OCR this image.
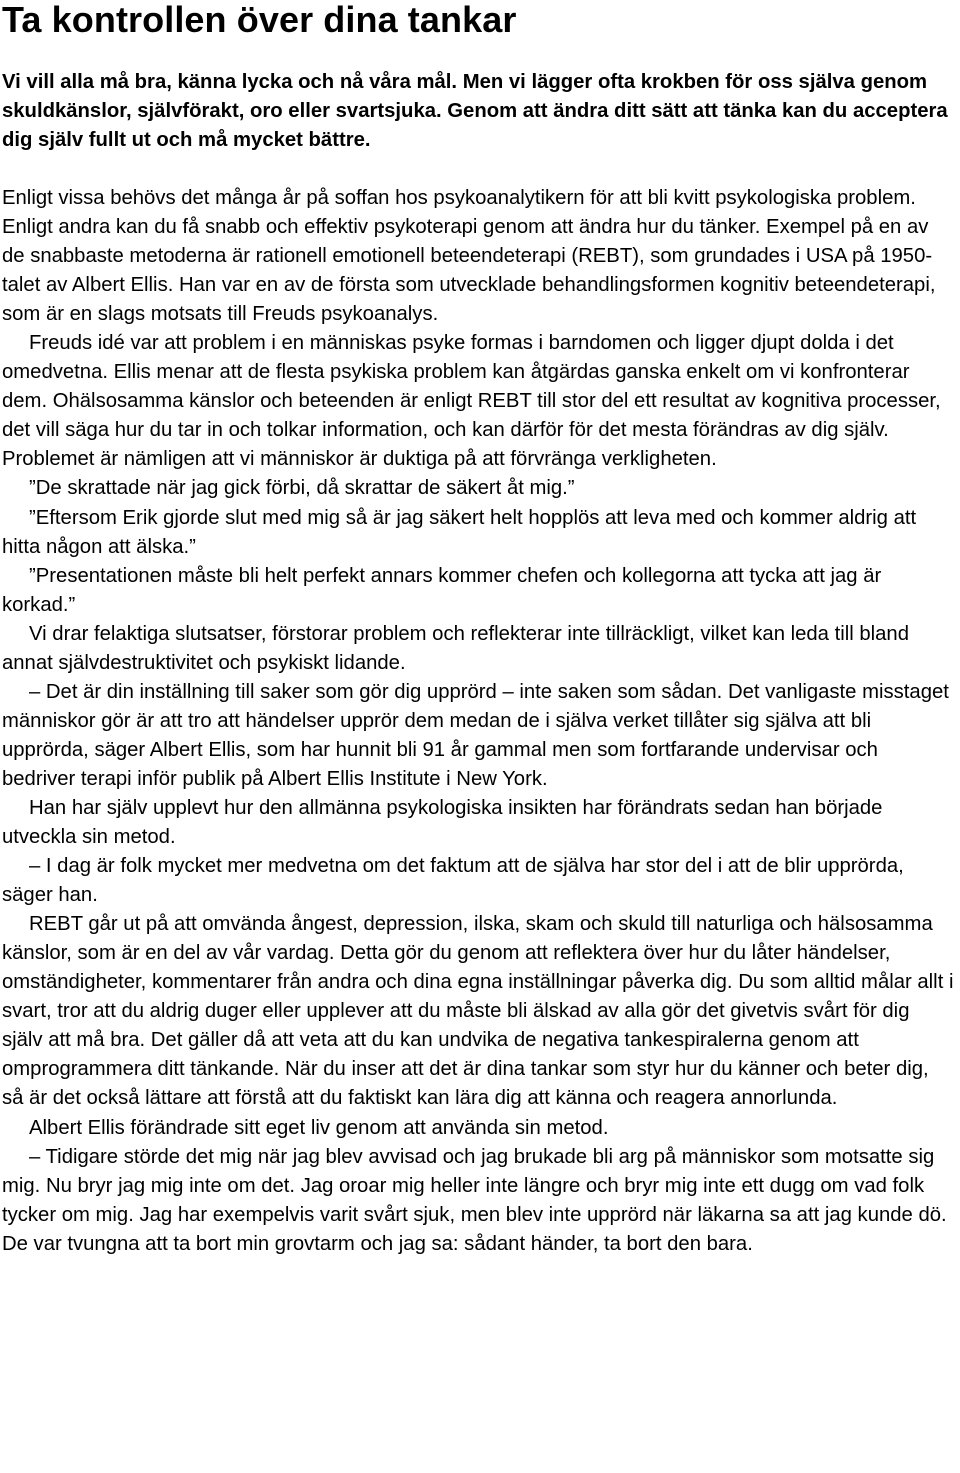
Ta kontrollen över dina tankar

Vi vill alla må bra, känna lycka och nå våra mål. Men vi lägger ofta krokben för oss själva genom skuldkänslor, självförakt, oro eller svartsjuka. Genom att ändra ditt sätt att tänka kan du acceptera dig själv fullt ut och må mycket bättre.

Enligt vissa behövs det många år på soffan hos psykoanalytikern för att bli kvitt psykologiska problem. Enligt andra kan du få snabb och effektiv psykoterapi genom att ändra hur du tänker. Exempel på en av de snabbaste metoderna är rationell emotionell beteendeterapi (REBT), som grundades i USA på 1950-talet av Albert Ellis. Han var en av de första som utvecklade behandlingsformen kognitiv beteendeterapi, som är en slags motsats till Freuds psykoanalys.

Freuds idé var att problem i en människas psyke formas i barndomen och ligger djupt dolda i det omedvetna. Ellis menar att de flesta psykiska problem kan åtgärdas ganska enkelt om vi konfronterar dem. Ohälsosamma känslor och beteenden är enligt REBT till stor del ett resultat av kognitiva processer, det vill säga hur du tar in och tolkar information, och kan därför för det mesta förändras av dig själv. Problemet är nämligen att vi människor är duktiga på att förvränga verkligheten.

”De skrattade när jag gick förbi, då skrattar de säkert åt mig.”

”Eftersom Erik gjorde slut med mig så är jag säkert helt hopplös att leva med och kommer aldrig att hitta någon att älska.”

”Presentationen måste bli helt perfekt annars kommer chefen och kollegorna att tycka att jag är korkad.”

Vi drar felaktiga slutsatser, förstorar problem och reflekterar inte tillräckligt, vilket kan leda till bland annat självdestruktivitet och psykiskt lidande.

– Det är din inställning till saker som gör dig upprörd – inte saken som sådan. Det vanligaste misstaget människor gör är att tro att händelser upprör dem medan de i själva verket tillåter sig själva att bli upprörda, säger Albert Ellis, som har hunnit bli 91 år gammal men som fortfarande undervisar och bedriver terapi inför publik på Albert Ellis Institute i New York.

Han har själv upplevt hur den allmänna psykologiska insikten har förändrats sedan han började utveckla sin metod.

– I dag är folk mycket mer medvetna om det faktum att de själva har stor del i att de blir upprörda, säger han.

REBT går ut på att omvända ångest, depression, ilska, skam och skuld till naturliga och hälsosamma känslor, som är en del av vår vardag. Detta gör du genom att reflektera över hur du låter händelser, omständigheter, kommentarer från andra och dina egna inställningar påverka dig. Du som alltid målar allt i svart, tror att du aldrig duger eller upplever att du måste bli älskad av alla gör det givetvis svårt för dig själv att må bra. Det gäller då att veta att du kan undvika de negativa tankespiralerna genom att omprogrammera ditt tänkande. När du inser att det är dina tankar som styr hur du känner och beter dig, så är det också lättare att förstå att du faktiskt kan lära dig att känna och reagera annorlunda.

Albert Ellis förändrade sitt eget liv genom att använda sin metod.

– Tidigare störde det mig när jag blev avvisad och jag brukade bli arg på människor som motsatte sig mig. Nu bryr jag mig inte om det. Jag oroar mig heller inte längre och bryr mig inte ett dugg om vad folk tycker om mig. Jag har exempelvis varit svårt sjuk, men blev inte upprörd när läkarna sa att jag kunde dö. De var tvungna att ta bort min grovtarm och jag sa: sådant händer, ta bort den bara.
